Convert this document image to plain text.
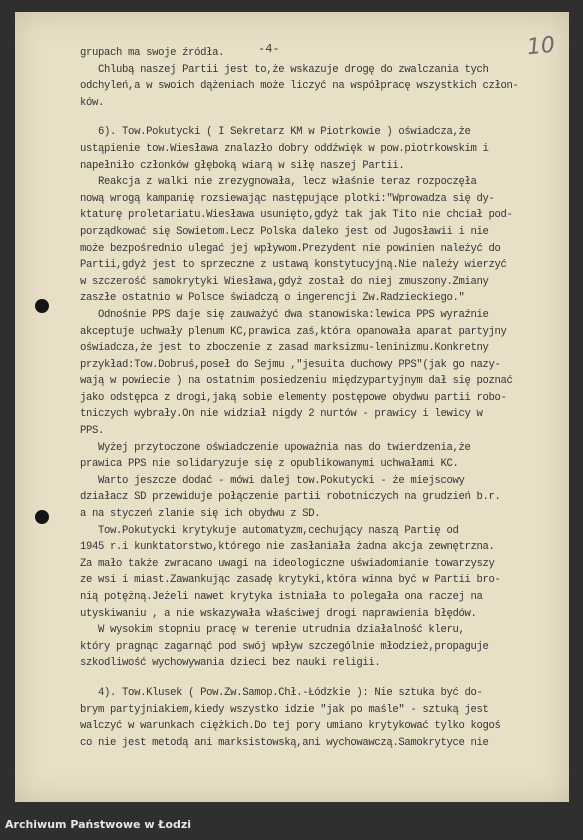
-4-	10
grupach ma swoje źródła.
Chlubą naszej Partii jest to,że wskazuje drogę do zwalczania tych
odchyleń,a w swoich dążeniach może liczyć na współpracę wszystkich człon-
ków.
6). Tow.Pokutycki ( I Sekretarz KM w Piotrkowie ) oświadcza,że
ustąpienie tow.Wiesława znalazło dobry oddźwięk w pow.piotrkowskim i
napełniło członków głęboką wiarą w siłę naszej Partii.
Reakcja z walki nie zrezygnowała, lecz właśnie teraz rozpoczęła
nową wrogą kampanię rozsiewając następujące plotki:"Wprowadza się dy-
ktaturę proletariatu.Wiesława usunięto,gdyż tak jak Tito nie chciał pod-
porządkować się Sowietom.Lecz Polska daleko jest od Jugosławii i nie
może bezpośrednio ulegać jej wpływom.Prezydent nie powinien należyć do
Partii,gdyż jest to sprzeczne z ustawą konstytucyjną.Nie należy wierzyć
w szczerość samokrytyki Wiesława,gdyż został do niej zmuszony.Zmiany
zaszłe ostatnio w Polsce świadczą o ingerencji Zw.Radzieckiego."
Odnośnie PPS daje się zauważyć dwa stanowiska:lewica PPS wyraźnie
akceptuje uchwały plenum KC,prawica zaś,która opanowała aparat partyjny
oświadcza,że jest to zboczenie z zasad marksizmu-leninizmu.Konkretny
przykład:Tow.Dobruś,poseł do Sejmu ,"jesuita duchowy PPS"(jak go nazy-
wają w powiecie ) na ostatnim posiedzeniu międzypartyjnym dał się poznać
jako odstępca z drogi,jaką sobie elementy postępowe obydwu partii robo-
tniczych wybrały.On nie widział nigdy 2 nurtów - prawicy i lewicy w
PPS.
Wyżej przytoczone oświadczenie upoważnia nas do twierdzenia,że
prawica PPS nie solidaryzuje się z opublikowanymi uchwałami KC.
Warto jeszcze dodać - mówi dalej tow.Pokutycki - że miejscowy
działacz SD przewiduje połączenie partii robotniczych na grudzień b.r.
a na styczeń zlanie się ich obydwu z SD.
Tow.Pokutycki krytykuje automatyzm,cechujący naszą Partię od
1945 r.i kunktatorstwo,którego nie zasłaniała żadna akcja zewnętrzna.
Za mało także zwracano uwagi na ideologiczne uświadomianie towarzyszy
ze wsi i miast.Zawankując zasadę krytyki,która winna być w Partii bro-
nią potężną.Jeżeli nawet krytyka istniała to polegała ona raczej na
utyskiwaniu , a nie wskazywała właściwej drogi naprawienia błędów.
W wysokim stopniu pracę w terenie utrudnia działalność kleru,
który pragnąc zagarnąć pod swój wpływ szczególnie młodzież,propaguje
szkodliwość wychowywania dzieci bez nauki religii.
4). Tow.Klusek ( Pow.Zw.Samop.Chł.-Łódzkie ): Nie sztuka być do-
brym partyjniakiem,kiedy wszystko idzie "jak po maśle" - sztuką jest
walczyć w warunkach ciężkich.Do tej pory umiano krytykować tylko kogoś
co nie jest metodą ani marksistowską,ani wychowawczą.Samokrytyce nie
Archiwum Państwowe w Łodzi
